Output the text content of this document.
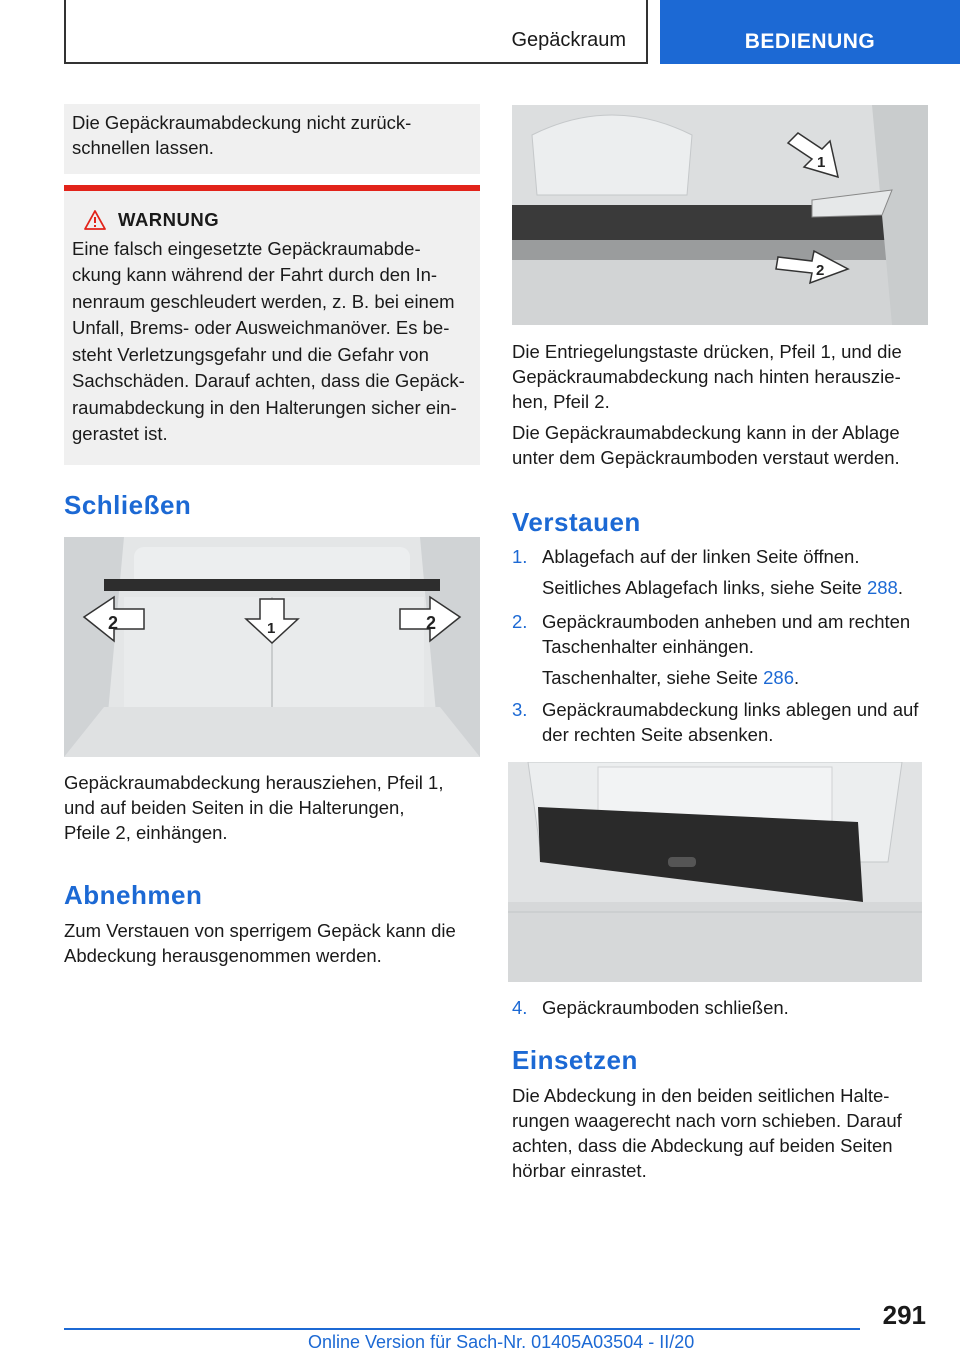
Gepäckraum	BEDIENUNG
Die Gepäckraumabdeckung nicht zurück-
schnellen lassen.
WARNUNG
Eine falsch eingesetzte Gepäckraumabde-
ckung kann während der Fahrt durch den In-
nenraum geschleudert werden, z. B. bei einem
Unfall, Brems- oder Ausweichmanöver. Es be-
steht Verletzungsgefahr und die Gefahr von
Sachschäden. Darauf achten, dass die Gepäck-
raumabdeckung in den Halterungen sicher ein-
gerastet ist.
Schließen
2	2
1
Gepäckraumabdeckung herausziehen, Pfeil 1,
und auf beiden Seiten in die Halterungen,
Pfeile 2, einhängen.
Abnehmen
Zum Verstauen von sperrigem Gepäck kann die
Abdeckung herausgenommen werden.
1
2
Die Entriegelungstaste drücken, Pfeil 1, und die
Gepäckraumabdeckung nach hinten herauszie-
hen, Pfeil 2.
Die Gepäckraumabdeckung kann in der Ablage
unter dem Gepäckraumboden verstaut werden.
Verstauen
1. Ablagefach auf der linken Seite öffnen.
Seitliches Ablagefach links, siehe Seite 288.
2. Gepäckraumboden anheben und am rechten
Taschenhalter einhängen.
Taschenhalter, siehe Seite 286.
3. Gepäckraumabdeckung links ablegen und auf
der rechten Seite absenken.
4. Gepäckraumboden schließen.
Einsetzen
Die Abdeckung in den beiden seitlichen Halte-
rungen waagerecht nach vorn schieben. Darauf
achten, dass die Abdeckung auf beiden Seiten
hörbar einrastet.
291
Online Version für Sach-Nr. 01405A03504 - II/20
